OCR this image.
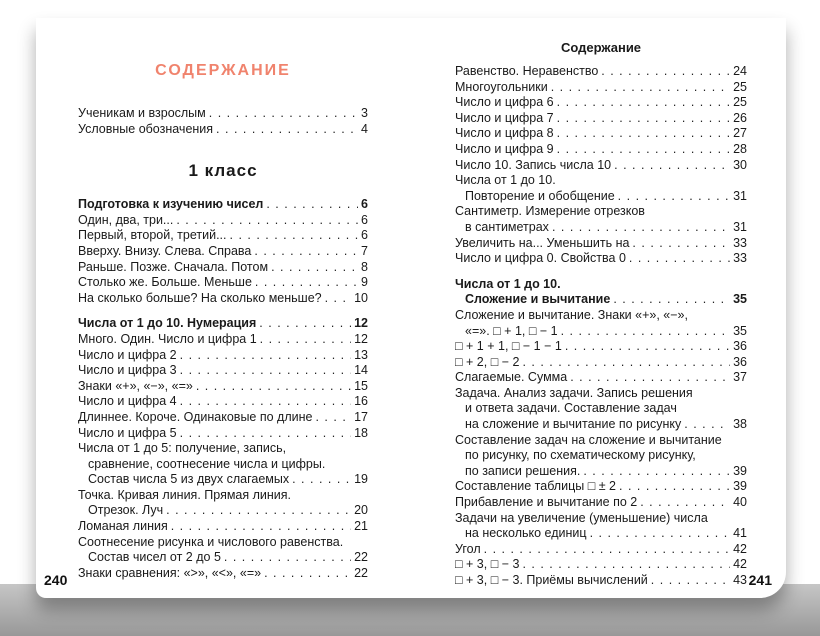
СОДЕРЖАНИЕ
Ученикам и взрослым . . .	3
Условные обозначения . . .	4
1 класс
Подготовка к изучению чисел . . .	6
Один, два, три... . . .	6
Первый, второй, третий... . . .	6
Вверху. Внизу. Слева. Справа . . .	7
Раньше. Позже. Сначала. Потом . . .	8
Столько же. Больше. Меньше . . .	9
На сколько больше? На сколько меньше? . . .	10
Числа от 1 до 10. Нумерация . . .	12
Много. Один. Число и цифра 1 . . .	12
Число и цифра 2 . . .	13
Число и цифра 3 . . .	14
Знаки «+», «−», «=» . . .	15
Число и цифра 4 . . .	16
Длиннее. Короче. Одинаковые по длине . . .	17
Число и цифра 5 . . .	18
Числа от 1 до 5: получение, запись,
сравнение, соотнесение числа и цифры.
Состав числа 5 из двух слагаемых . . .	19
Точка. Кривая линия. Прямая линия.
Отрезок. Луч . . .	20
Ломаная линия . . .	21
Соотнесение рисунка и числового равенства.
Состав чисел от 2 до 5 . . .	22
Знаки сравнения: «>», «<», «=» . . .	22
240
Содержание
Равенство. Неравенство . . .	24
Многоугольники . . .	25
Число и цифра 6 . . .	25
Число и цифра 7 . . .	26
Число и цифра 8 . . .	27
Число и цифра 9 . . .	28
Число 10. Запись числа 10 . . .	30
Числа от 1 до 10.
Повторение и обобщение . . .	31
Сантиметр. Измерение отрезков
в сантиметрах . . .	31
Увеличить на... Уменьшить на . . .	33
Число и цифра 0. Свойства 0 . . .	33
Числа от 1 до 10.
Сложение и вычитание . . .	35
Сложение и вычитание. Знаки «+», «−»,
«=». □ + 1, □ − 1 . . .	35
□ + 1 + 1, □ − 1 − 1 . . .	36
□ + 2, □ − 2 . . .	36
Слагаемые. Сумма . . .	37
Задача. Анализ задачи. Запись решения
и ответа задачи. Составление задач
на сложение и вычитание по рисунку . . .	38
Составление задач на сложение и вычитание
по рисунку, по схематическому рисунку,
по записи решения. . . .	39
Составление таблицы □ ± 2 . . .	39
Прибавление и вычитание по 2 . . .	40
Задачи на увеличение (уменьшение) числа
на несколько единиц . . .	41
Угол . . .	42
□ + 3, □ − 3 . . .	42
□ + 3, □ − 3. Приёмы вычислений . . .	43 241
